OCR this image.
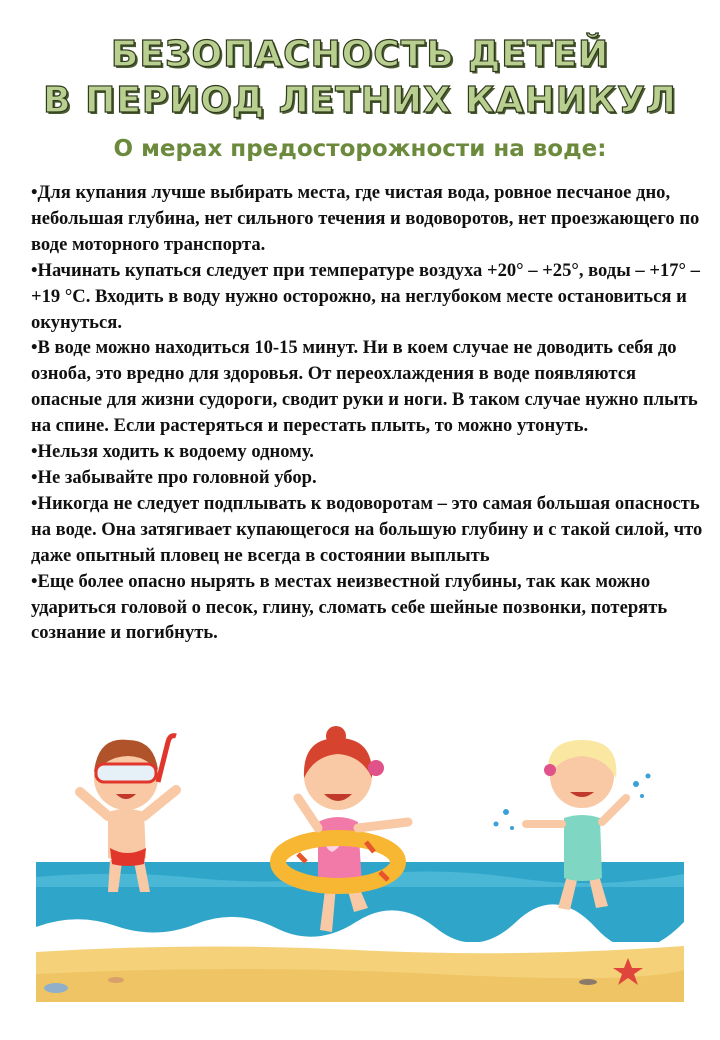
БЕЗОПАСНОСТЬ ДЕТЕЙ
В ПЕРИОД ЛЕТНИХ КАНИКУЛ
О мерах предосторожности на воде:

•Для купания лучше выбирать места, где чистая вода, ровное песчаное дно, небольшая глубина, нет сильного течения и водоворотов, нет проезжающего по воде моторного транспорта.

•Начинать купаться следует при температуре воздуха +20° – +25°, воды – +17° – +19 °C. Входить в воду нужно осторожно, на неглубоком месте остановиться и окунуться.

•В воде можно находиться 10-15 минут. Ни в коем случае не доводить себя до озноба, это вредно для здоровья. От переохлаждения в воде появляются опасные для жизни судороги, сводит руки и ноги. В таком случае нужно плыть на спине. Если растеряться и перестать плыть, то можно утонуть.

•Нельзя ходить к водоему одному.

•Не забывайте про головной убор.

•Никогда не следует подплывать к водоворотам – это самая большая опасность на воде. Она затягивает купающегося на большую глубину и с такой силой, что даже опытный пловец не всегда в состоянии выплыть

•Еще более опасно нырять в местах неизвестной глубины, так как можно удариться головой о песок, глину, сломать себе шейные позвонки, потерять сознание и погибнуть.
